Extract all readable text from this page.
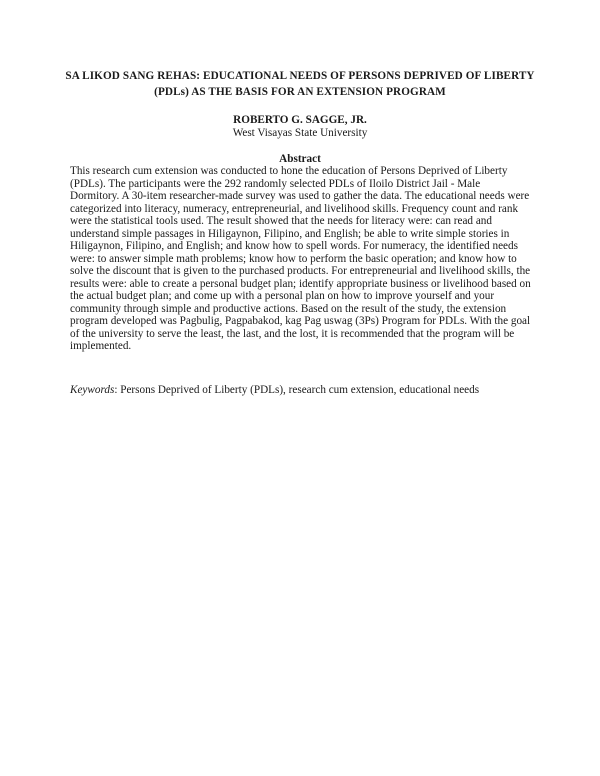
SA LIKOD SANG REHAS: EDUCATIONAL NEEDS OF PERSONS DEPRIVED OF LIBERTY (PDLs) AS THE BASIS FOR AN EXTENSION PROGRAM

ROBERTO G. SAGGE, JR.

West Visayas State University

Abstract

This research cum extension was conducted to hone the education of Persons Deprived of Liberty (PDLs). The participants were the 292 randomly selected PDLs of Iloilo District Jail - Male Dormitory. A 30-item researcher-made survey was used to gather the data. The educational needs were categorized into literacy, numeracy, entrepreneurial, and livelihood skills. Frequency count and rank were the statistical tools used. The result showed that the needs for literacy were: can read and understand simple passages in Hiligaynon, Filipino, and English; be able to write simple stories in Hiligaynon, Filipino, and English; and know how to spell words. For numeracy, the identified needs were: to answer simple math problems; know how to perform the basic operation; and know how to solve the discount that is given to the purchased products. For entrepreneurial and livelihood skills, the results were: able to create a personal budget plan; identify appropriate business or livelihood based on the actual budget plan; and come up with a personal plan on how to improve yourself and your community through simple and productive actions. Based on the result of the study, the extension program developed was Pagbulig, Pagpabakod, kag Pag uswag (3Ps) Program for PDLs. With the goal of the university to serve the least, the last, and the lost, it is recommended that the program will be implemented.

Keywords: Persons Deprived of Liberty (PDLs), research cum extension, educational needs
